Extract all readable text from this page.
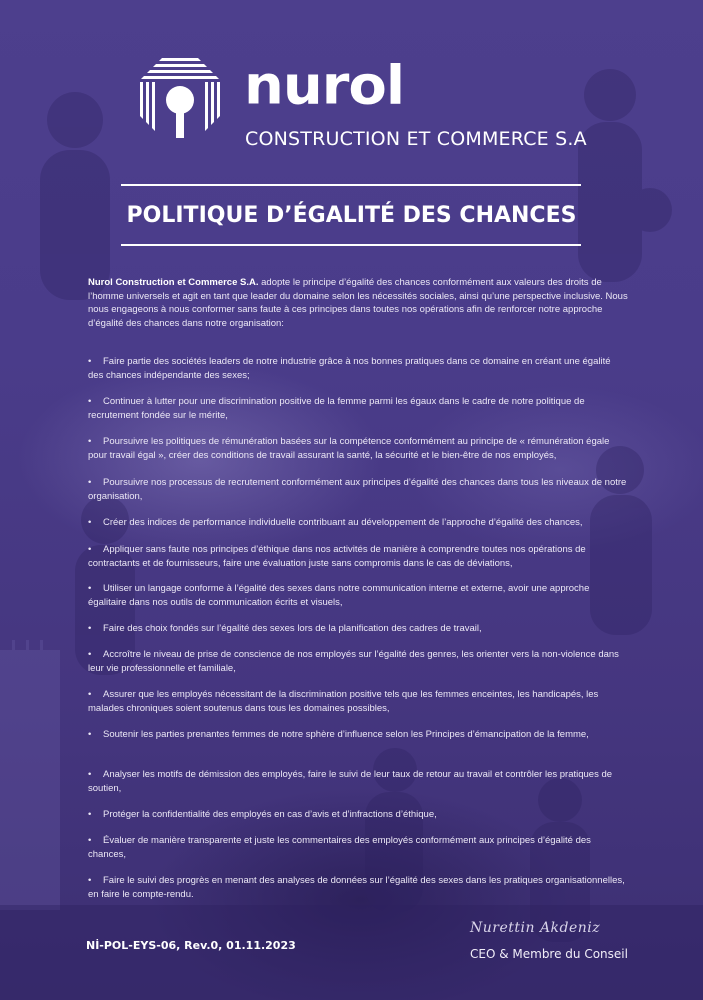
nurol
CONSTRUCTION ET COMMERCE S.A
POLITIQUE D’ÉGALITÉ DES CHANCES

Nurol Construction et Commerce S.A. adopte le principe d’égalité des chances conformément aux valeurs des droits de l’homme universels et agit en tant que leader du domaine selon les nécessités sociales, ainsi qu’une perspective inclusive. Nous nous engageons à nous conformer sans faute à ces principes dans toutes nos opérations afin de renforcer notre approche d’égalité des chances dans notre organisation:

• Faire partie des sociétés leaders de notre industrie grâce à nos bonnes pratiques dans ce domaine en créant une égalité des chances indépendante des sexes;
• Continuer à lutter pour une discrimination positive de la femme parmi les égaux dans le cadre de notre politique de recrutement fondée sur le mérite,
• Poursuivre les politiques de rémunération basées sur la compétence conformément au principe de « rémunération égale pour travail égal », créer des conditions de travail assurant la santé, la sécurité et le bien-être de nos employés,
• Poursuivre nos processus de recrutement conformément aux principes d’égalité des chances dans tous les niveaux de notre organisation,
• Créer des indices de performance individuelle contribuant au développement de l’approche d’égalité des chances,
• Appliquer sans faute nos principes d’éthique dans nos activités de manière à comprendre toutes nos opérations de contractants et de fournisseurs, faire une évaluation juste sans compromis dans le cas de déviations,
• Utiliser un langage conforme à l’égalité des sexes dans notre communication interne et externe, avoir une approche égalitaire dans nos outils de communication écrits et visuels,
• Faire des choix fondés sur l’égalité des sexes lors de la planification des cadres de travail,
• Accroître le niveau de prise de conscience de nos employés sur l’égalité des genres, les orienter vers la non-violence dans leur vie professionnelle et familiale,
• Assurer que les employés nécessitant de la discrimination positive tels que les femmes enceintes, les handicapés, les malades chroniques soient soutenus dans tous les domaines possibles,
• Soutenir les parties prenantes femmes de notre sphère d’influence selon les Principes d’émancipation de la femme,
• Analyser les motifs de démission des employés, faire le suivi de leur taux de retour au travail et contrôler les pratiques de soutien,
• Protéger la confidentialité des employés en cas d’avis et d’infractions d’éthique,
• Évaluer de manière transparente et juste les commentaires des employés conformément aux principes d’égalité des chances,
• Faire le suivi des progrès en menant des analyses de données sur l’égalité des sexes dans les pratiques organisationnelles, en faire le compte-rendu.
Nİ-POL-EYS-06, Rev.0, 01.11.2023
Nurettin Akdeniz
CEO & Membre du Conseil
